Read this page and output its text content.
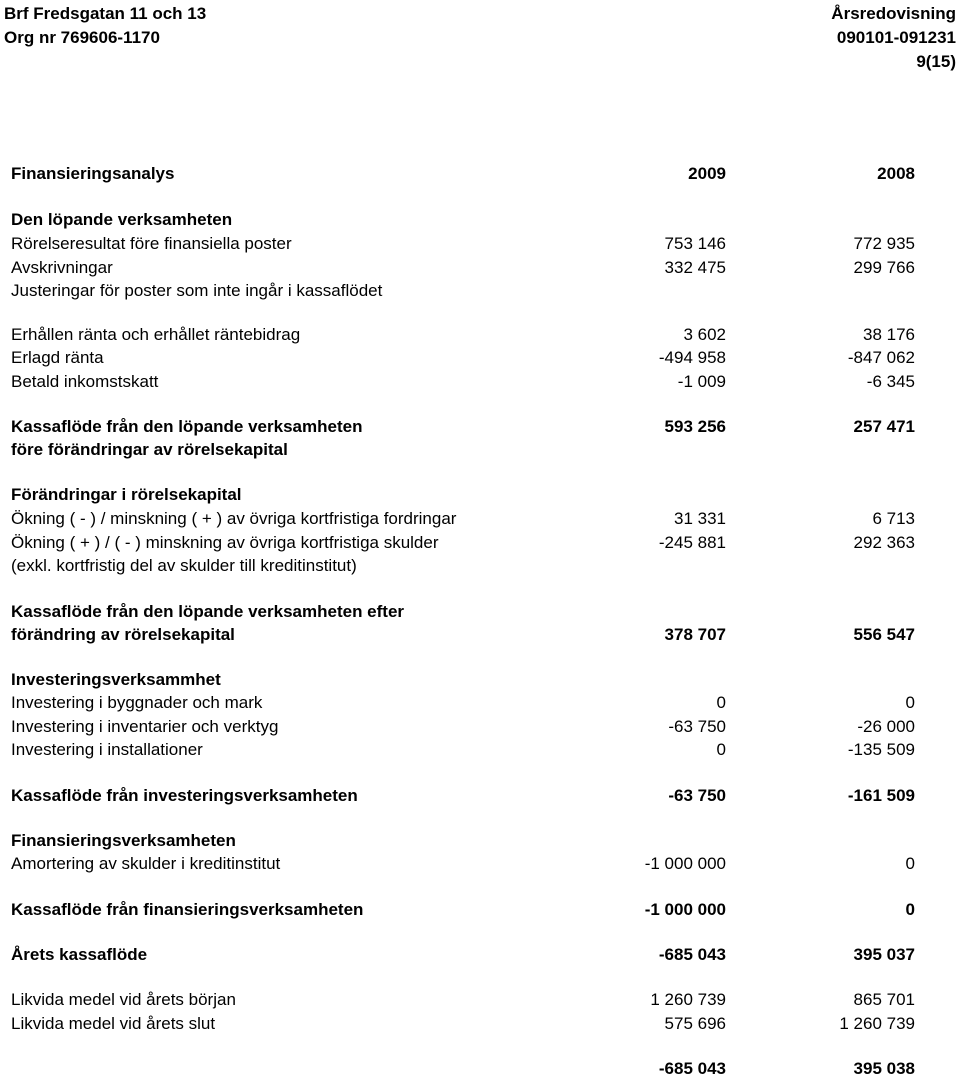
Brf Fredsgatan 11 och 13
Org nr 769606-1170
Årsredovisning
090101-091231
9(15)
Finansieringsanalys	2009	2008
Den löpande verksamheten
Rörelseresultat före finansiella poster	753 146	772 935
Avskrivningar	332 475	299 766
Justeringar för poster som inte ingår i kassaflödet
Erhållen ränta och erhållet räntebidrag	3 602	38 176
Erlagd ränta	-494 958	-847 062
Betald inkomstskatt	-1 009	-6 345
Kassaflöde från den löpande verksamheten	593 256	257 471
före förändringar av rörelsekapital
Förändringar i rörelsekapital
Ökning ( - ) / minskning ( + ) av övriga kortfristiga fordringar	31 331	6 713
Ökning ( + ) / ( - ) minskning av övriga kortfristiga skulder	-245 881	292 363
(exkl. kortfristig del av skulder till kreditinstitut)
Kassaflöde från den löpande verksamheten efter
förändring av rörelsekapital	378 707	556 547
Investeringsverksammhet
Investering i byggnader och mark	0	0
Investering i inventarier och verktyg	-63 750	-26 000
Investering i installationer	0	-135 509
Kassaflöde från investeringsverksamheten	-63 750	-161 509
Finansieringsverksamheten
Amortering av skulder i kreditinstitut	-1 000 000	0
Kassaflöde från finansieringsverksamheten	-1 000 000	0
Årets kassaflöde	-685 043	395 037
Likvida medel vid årets början	1 260 739	865 701
Likvida medel vid årets slut	575 696	1 260 739
-685 043	395 038
